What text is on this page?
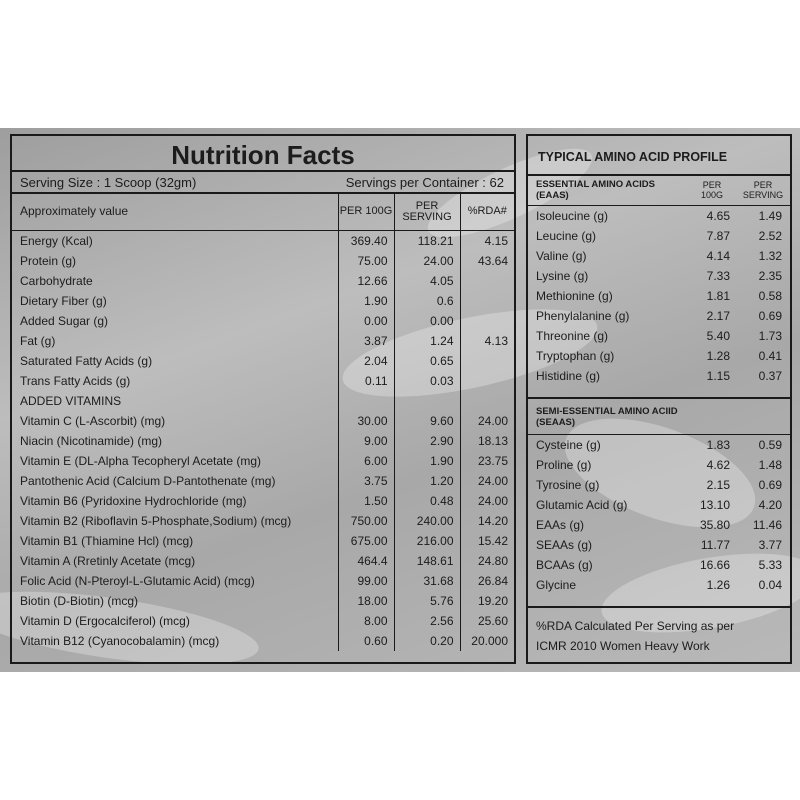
Nutrition Facts
Serving Size : 1 Scoop (32gm)	Servings per Container : 62
Approximately value	PER 100G	PER SERVING	%RDA#
Energy (Kcal)	369.40	118.21	4.15
Protein (g)	75.00	24.00	43.64
Carbohydrate	12.66	4.05	
Dietary Fiber (g)	1.90	0.6	
Added Sugar (g)	0.00	0.00	
Fat (g)	3.87	1.24	4.13
Saturated Fatty Acids (g)	2.04	0.65	
Trans Fatty Acids (g)	0.11	0.03	
ADDED VITAMINS			
Vitamin C (L-Ascorbit) (mg)	30.00	9.60	24.00
Niacin (Nicotinamide) (mg)	9.00	2.90	18.13
Vitamin E (DL-Alpha Tecopheryl Acetate (mg)	6.00	1.90	23.75
Pantothenic Acid (Calcium D-Pantothenate (mg)	3.75	1.20	24.00
Vitamin B6 (Pyridoxine Hydrochloride (mg)	1.50	0.48	24.00
Vitamin B2 (Riboflavin 5-Phosphate,Sodium) (mcg)	750.00	240.00	14.20
Vitamin B1 (Thiamine Hcl) (mcg)	675.00	216.00	15.42
Vitamin A (Rretinly Acetate (mcg)	464.4	148.61	24.80
Folic Acid (N-Pteroyl-L-Glutamic Acid) (mcg)	99.00	31.68	26.84
Biotin (D-Biotin) (mcg)	18.00	5.76	19.20
Vitamin D (Ergocalciferol) (mcg)	8.00	2.56	25.60
Vitamin B12 (Cyanocobalamin) (mcg)	0.60	0.20	20.000
TYPICAL AMINO ACID PROFILE
ESSENTIAL AMINO ACIDS (EAAS)
PER 100G
PER SERVING
Isoleucine (g)	4.65	1.49
Leucine (g)	7.87	2.52
Valine (g)	4.14	1.32
Lysine (g)	7.33	2.35
Methionine (g)	1.81	0.58
Phenylalanine (g)	2.17	0.69
Threonine (g)	5.40	1.73
Tryptophan (g)	1.28	0.41
Histidine (g)	1.15	0.37
SEMI-ESSENTIAL AMINO ACIID (SEAAS)
Cysteine (g)	1.83	0.59
Proline (g)	4.62	1.48
Tyrosine (g)	2.15	0.69
Glutamic Acid (g)	13.10	4.20
EAAs (g)	35.80	11.46
SEAAs (g)	11.77	3.77
BCAAs (g)	16.66	5.33
Glycine	1.26	0.04
%RDA Calculated Per Serving as per
ICMR 2010 Women Heavy Work
